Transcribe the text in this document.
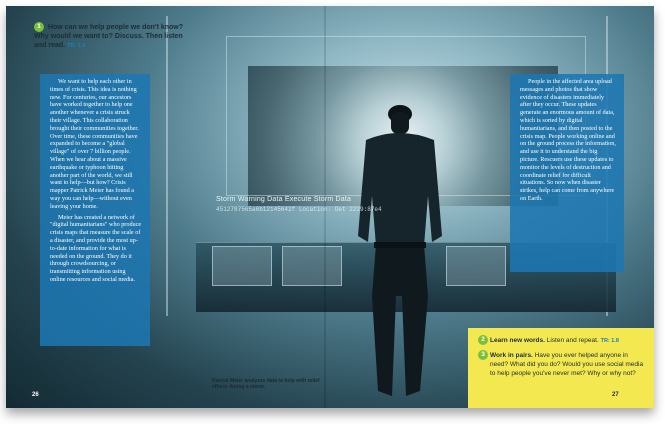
Storm Warning Data Execute Storm Data
4512787565a6b12145642f Location: Det 2229:87e4
1 How can we help people we don't know? Why would we want to? Discuss. Then listen and read. TR: 1.6

We want to help each other in times of crisis. This idea is nothing new. For centuries, our ancestors have worked together to help one another whenever a crisis struck their village. This collaboration brought their communities together. Over time, these communities have expanded to become a "global village" of over 7 billion people. When we hear about a massive earthquake or typhoon hitting another part of the world, we still want to help—but how? Crisis mapper Patrick Meier has found a way you can help—without even leaving your home.

Meier has created a network of "digital humanitarians" who produce crisis maps that measure the scale of a disaster, and provide the most up-to-date information for what is needed on the ground. They do it through crowdsourcing, or transmitting information using online resources and social media.

People in the affected area upload messages and photos that show evidence of disasters immediately after they occur. These updates generate an enormous amount of data, which is sorted by digital humanitarians, and then posted to the crisis map. People working online and on the ground process the information, and use it to understand the big picture. Rescuers use these updates to monitor the levels of destruction and coordinate relief for difficult situations. So now when disaster strikes, help can come from anywhere on Earth.

Patrick Meier analyzes data to help with relief efforts during a storm.
2 Learn new words. Listen and repeat. TR: 1.8
3 Work in pairs. Have you ever helped anyone in need? What did you do? Would you use social media to help people you've never met? Why or why not?
26	27
